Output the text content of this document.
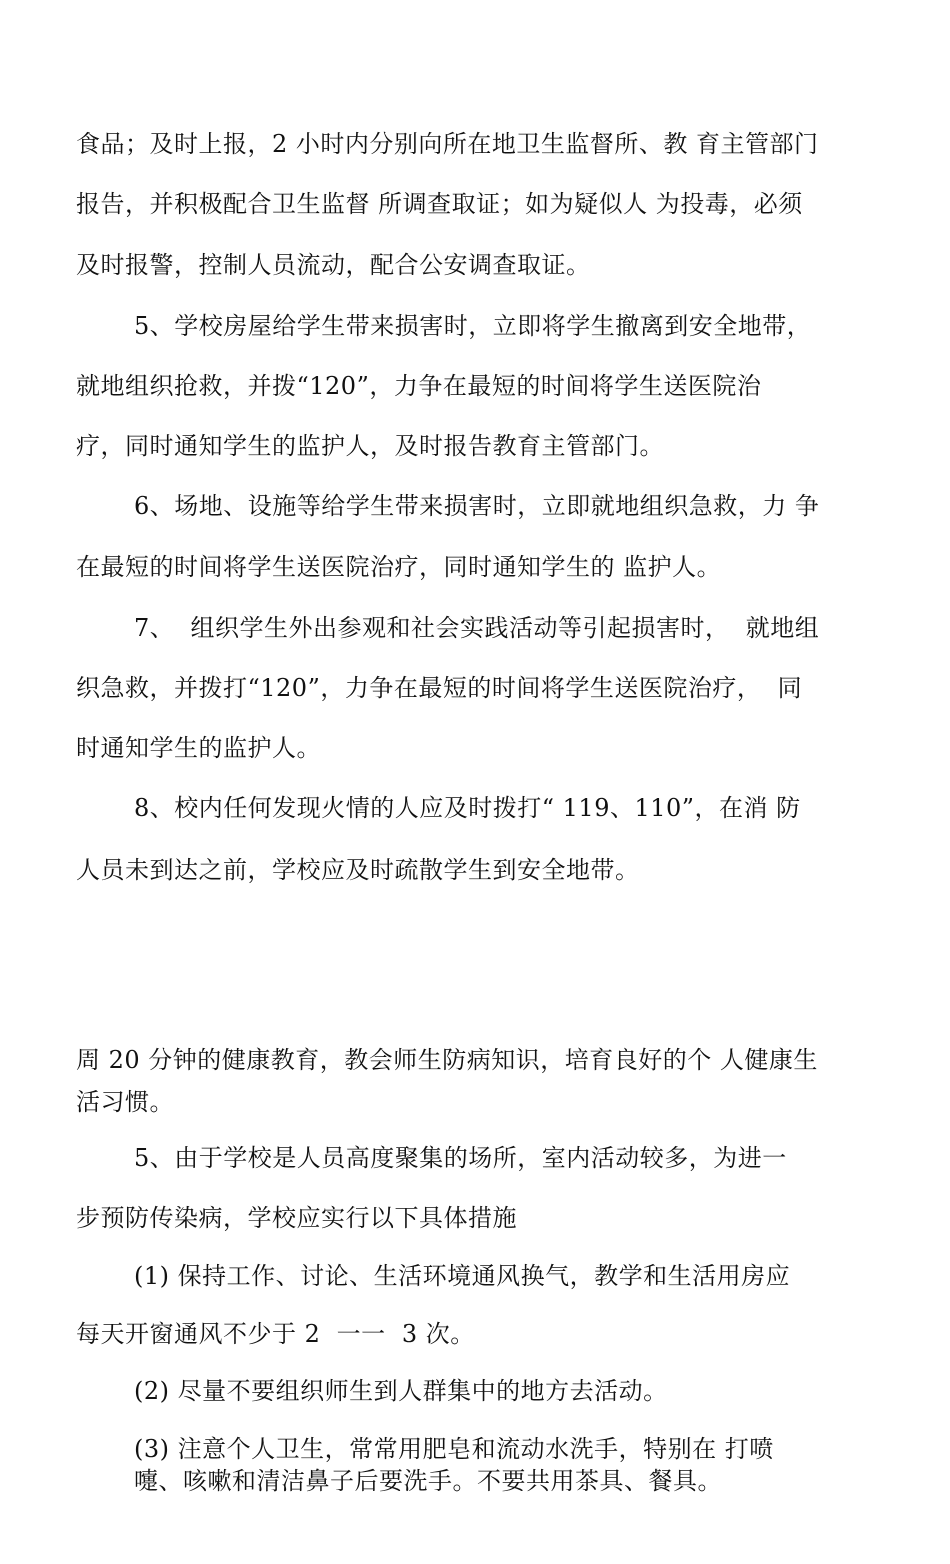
食品；及时上报，2 小时内分别向所在地卫生监督所、教 育主管部门
报告，并积极配合卫生监督 所调查取证；如为疑似人 为投毒，必须
及时报警，控制人员流动，配合公安调查取证。
5、学校房屋给学生带来损害时，立即将学生撤离到安全地带，
就地组织抢救，并拨“120”，力争在最短的时间将学生送医院治
疗，同时通知学生的监护人，及时报告教育主管部门。
6、场地、设施等给学生带来损害时，立即就地组织急救，力 争
在最短的时间将学生送医院治疗，同时通知学生的 监护人。
7、  组织学生外出参观和社会实践活动等引起损害时，  就地组
织急救，并拨打“120”，力争在最短的时间将学生送医院治疗，  同
时通知学生的监护人。
8、校内任何发现火情的人应及时拨打“ 119、110”，在消 防
人员未到达之前，学校应及时疏散学生到安全地带。
周 20 分钟的健康教育，教会师生防病知识，培育良好的个 人健康生
活习惯。
5、由于学校是人员高度聚集的场所，室内活动较多，为进一
步预防传染病，学校应实行以下具体措施
(1) 保持工作、讨论、生活环境通风换气，教学和生活用房应
每天开窗通风不少于 2  一一  3 次。
(2) 尽量不要组织师生到人群集中的地方去活动。
(3) 注意个人卫生，常常用肥皂和流动水洗手，特别在 打喷
嚏、咳嗽和清洁鼻子后要洗手。不要共用茶具、餐具。
